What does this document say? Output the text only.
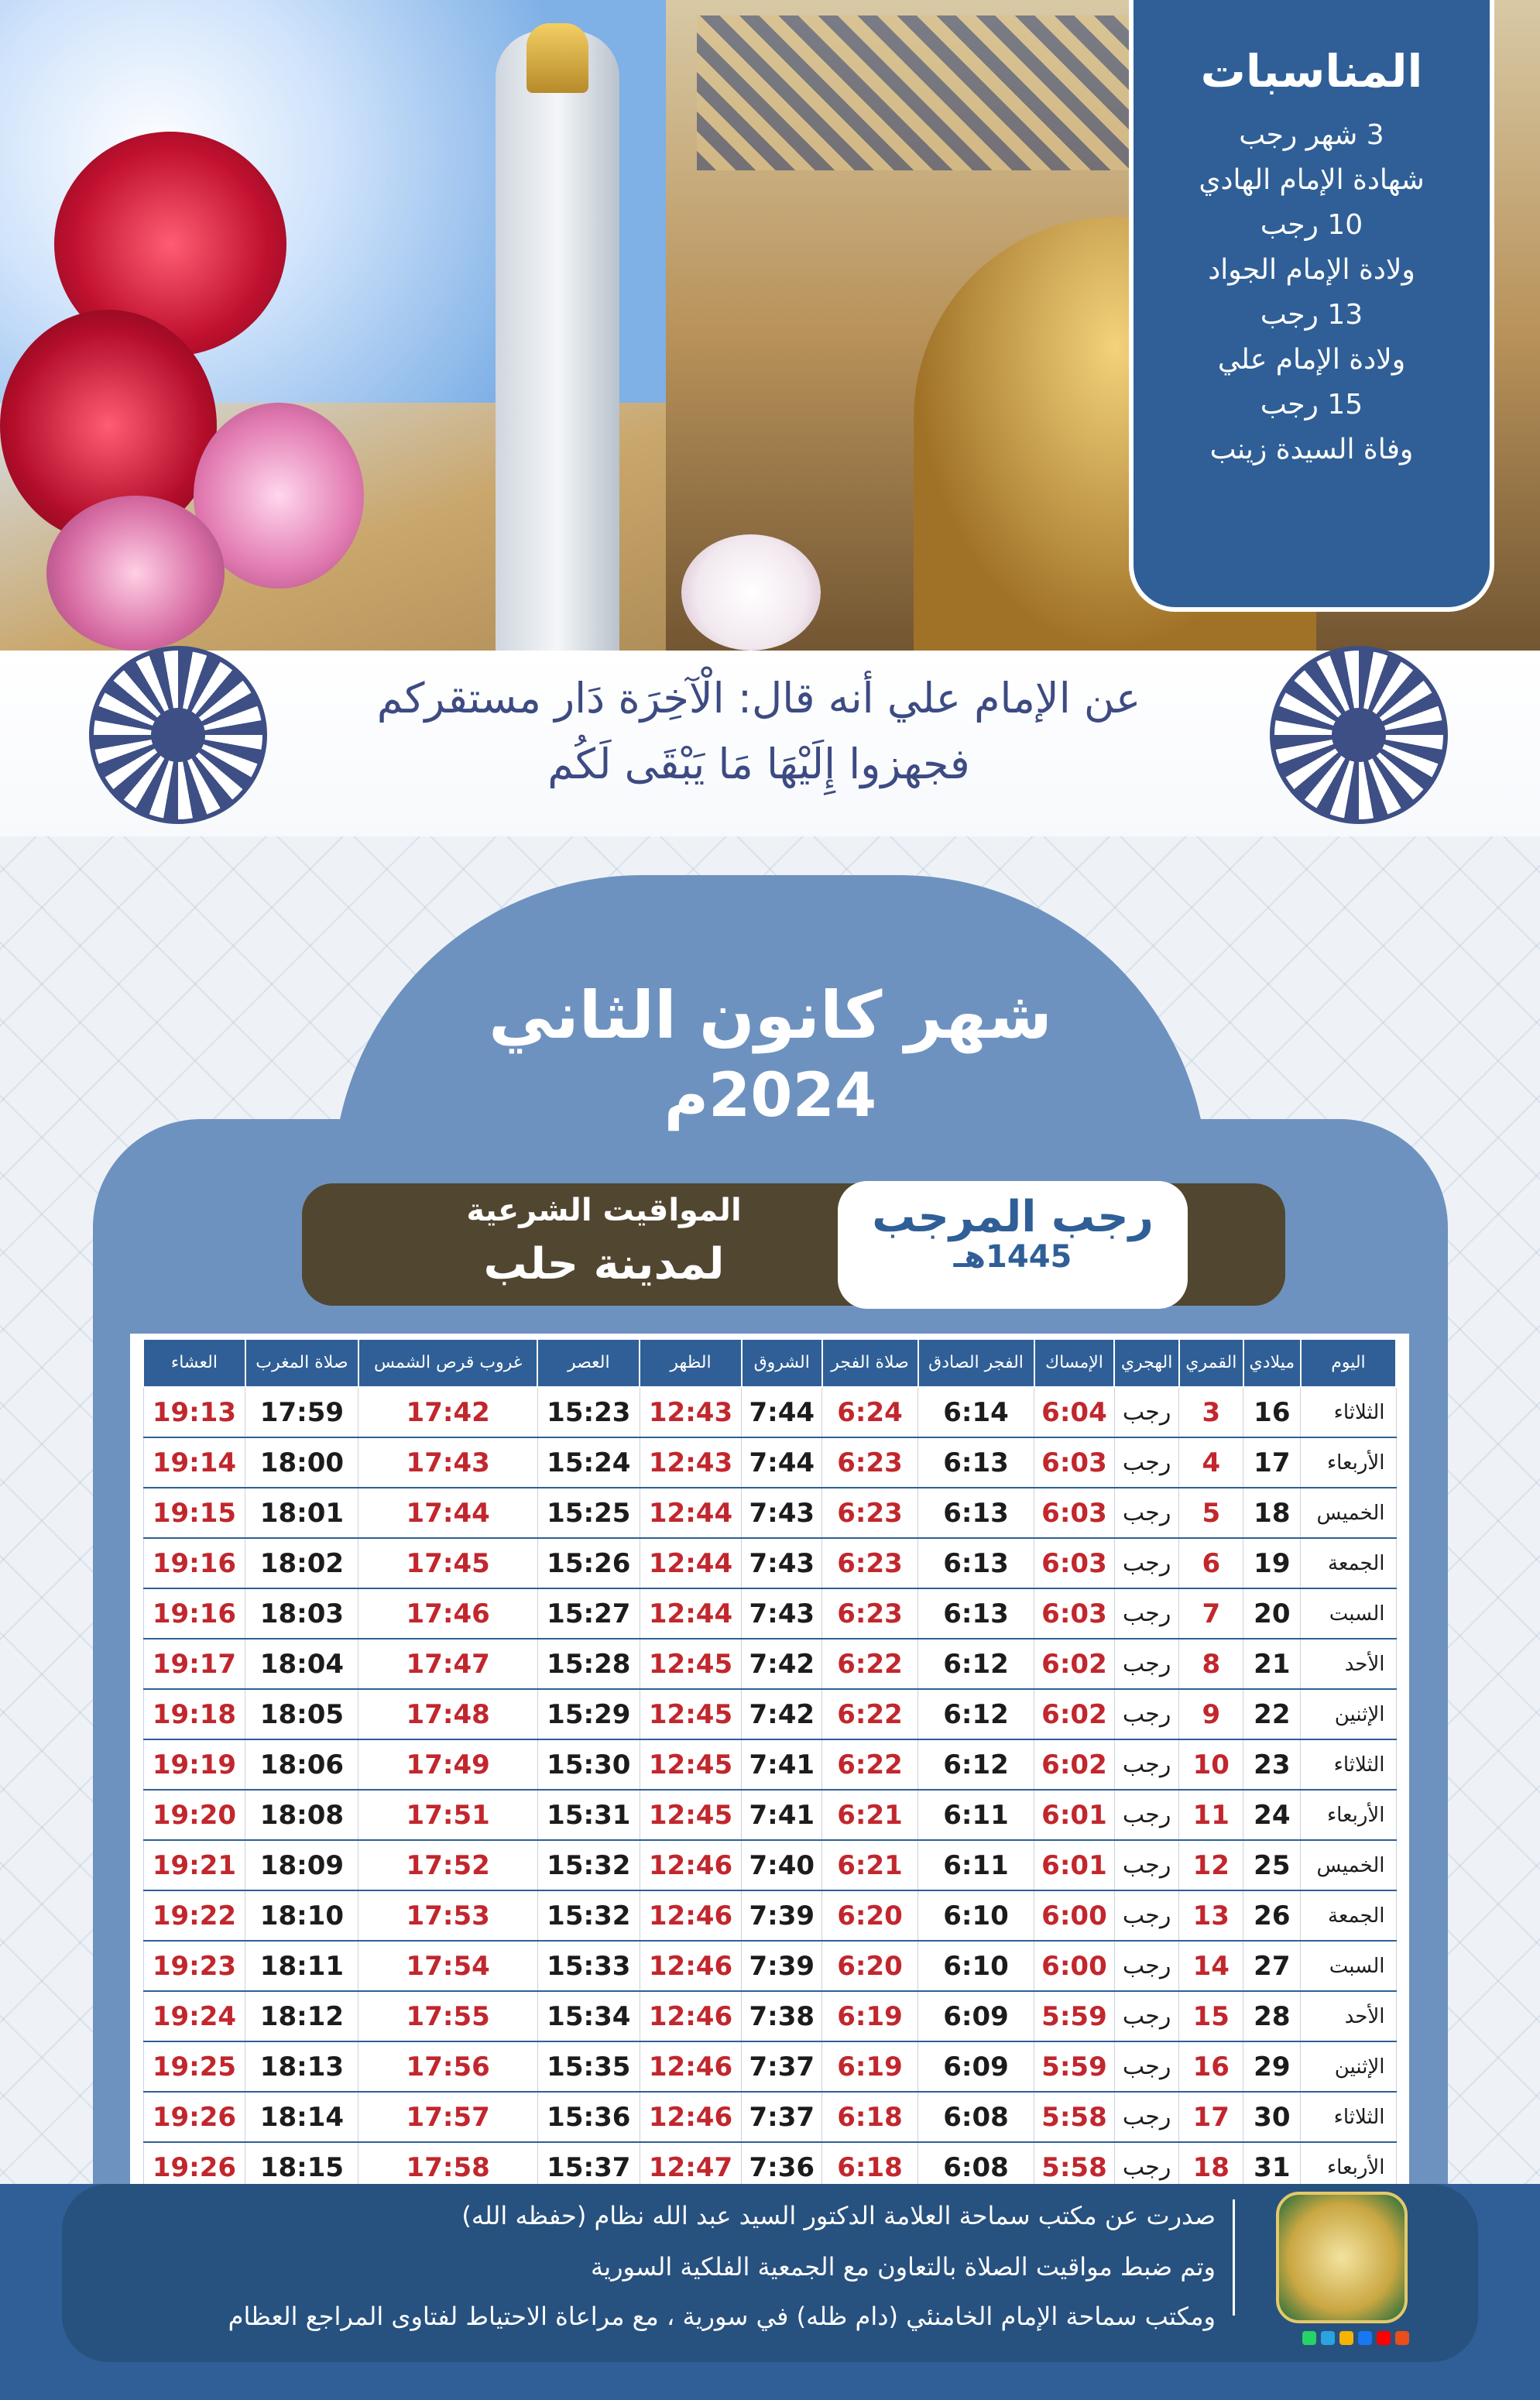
المناسبات
3 شهر رجب
شهادة الإمام الهادي
10 رجب
ولادة الإمام الجواد
13 رجب
ولادة الإمام علي
15 رجب
وفاة السيدة زينب
عن الإمام علي أنه قال: الْآخِرَة دَار مستقركم
فجهزوا إِلَيْهَا مَا يَبْقَى لَكُم
شهر كانون الثاني
2024م
رجب المرجب
1445هـ
المواقيت الشرعية
لمدينة حلب
اليوم	ميلادي	القمري	الهجري	الإمساك	الفجر الصادق	صلاة الفجر	الشروق	الظهر	العصر	غروب قرص الشمس	صلاة المغرب	العشاء
الثلاثاء	16	3	رجب	6:04	6:14	6:24	7:44	12:43	15:23	17:42	17:59	19:13
الأربعاء	17	4	رجب	6:03	6:13	6:23	7:44	12:43	15:24	17:43	18:00	19:14
الخميس	18	5	رجب	6:03	6:13	6:23	7:43	12:44	15:25	17:44	18:01	19:15
الجمعة	19	6	رجب	6:03	6:13	6:23	7:43	12:44	15:26	17:45	18:02	19:16
السبت	20	7	رجب	6:03	6:13	6:23	7:43	12:44	15:27	17:46	18:03	19:16
الأحد	21	8	رجب	6:02	6:12	6:22	7:42	12:45	15:28	17:47	18:04	19:17
الإثنين	22	9	رجب	6:02	6:12	6:22	7:42	12:45	15:29	17:48	18:05	19:18
الثلاثاء	23	10	رجب	6:02	6:12	6:22	7:41	12:45	15:30	17:49	18:06	19:19
الأربعاء	24	11	رجب	6:01	6:11	6:21	7:41	12:45	15:31	17:51	18:08	19:20
الخميس	25	12	رجب	6:01	6:11	6:21	7:40	12:46	15:32	17:52	18:09	19:21
الجمعة	26	13	رجب	6:00	6:10	6:20	7:39	12:46	15:32	17:53	18:10	19:22
السبت	27	14	رجب	6:00	6:10	6:20	7:39	12:46	15:33	17:54	18:11	19:23
الأحد	28	15	رجب	5:59	6:09	6:19	7:38	12:46	15:34	17:55	18:12	19:24
الإثنين	29	16	رجب	5:59	6:09	6:19	7:37	12:46	15:35	17:56	18:13	19:25
الثلاثاء	30	17	رجب	5:58	6:08	6:18	7:37	12:46	15:36	17:57	18:14	19:26
الأربعاء	31	18	رجب	5:58	6:08	6:18	7:36	12:47	15:37	17:58	18:15	19:26
صدرت عن مكتب سماحة العلامة الدكتور السيد عبد الله نظام (حفظه الله)
وتم ضبط مواقيت الصلاة بالتعاون مع الجمعية الفلكية السورية
ومكتب سماحة الإمام الخامنئي (دام ظله) في سورية ، مع مراعاة الاحتياط لفتاوى المراجع العظام
